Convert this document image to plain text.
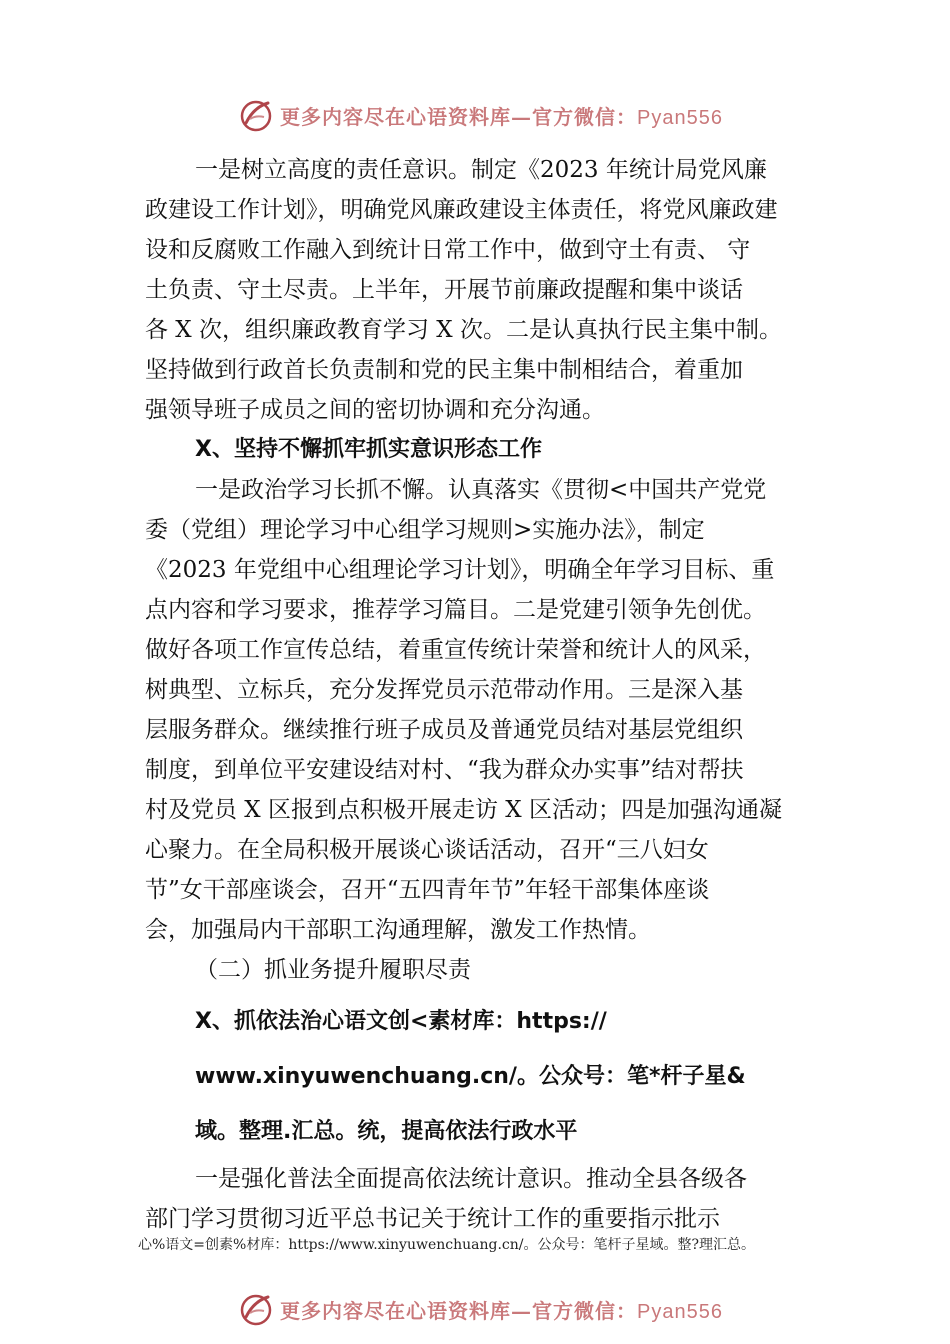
更多内容尽在心语资料库—官方微信：Pyan556
一是树立高度的责任意识。制定《2023 年统计局党风廉
政建设工作计划》，明确党风廉政建设主体责任，将党风廉政建
设和反腐败工作融入到统计日常工作中，做到守土有责、 守
土负责、守土尽责。上半年，开展节前廉政提醒和集中谈话
各 X 次，组织廉政教育学习 X 次。二是认真执行民主集中制。
坚持做到行政首长负责制和党的民主集中制相结合，着重加
强领导班子成员之间的密切协调和充分沟通。
X、坚持不懈抓牢抓实意识形态工作
一是政治学习长抓不懈。认真落实《贯彻<中国共产党党
委（党组）理论学习中心组学习规则>实施办法》，制定
《2023 年党组中心组理论学习计划》，明确全年学习目标、重
点内容和学习要求，推荐学习篇目。二是党建引领争先创优。
做好各项工作宣传总结，着重宣传统计荣誉和统计人的风采，
树典型、立标兵，充分发挥党员示范带动作用。三是深入基
层服务群众。继续推行班子成员及普通党员结对基层党组织
制度，到单位平安建设结对村、“我为群众办实事”结对帮扶
村及党员 X 区报到点积极开展走访 X 区活动；四是加强沟通凝
心聚力。在全局积极开展谈心谈话活动，召开“三八妇女
节”女干部座谈会，召开“五四青年节”年轻干部集体座谈
会，加强局内干部职工沟通理解，激发工作热情。
（二）抓业务提升履职尽责
X、抓依法治心语文创<素材库：https://
www.xinyuwenchuang.cn/。公众号：笔*杆子星&
域。整理.汇总。统，提高依法行政水平
一是强化普法全面提高依法统计意识。推动全县各级各
部门学习贯彻习近平总书记关于统计工作的重要指示批示
心%语文=创素%材库：https://www.xinyuwenchuang.cn/。公众号：笔杆子星域。整?理汇总。
更多内容尽在心语资料库—官方微信：Pyan556
